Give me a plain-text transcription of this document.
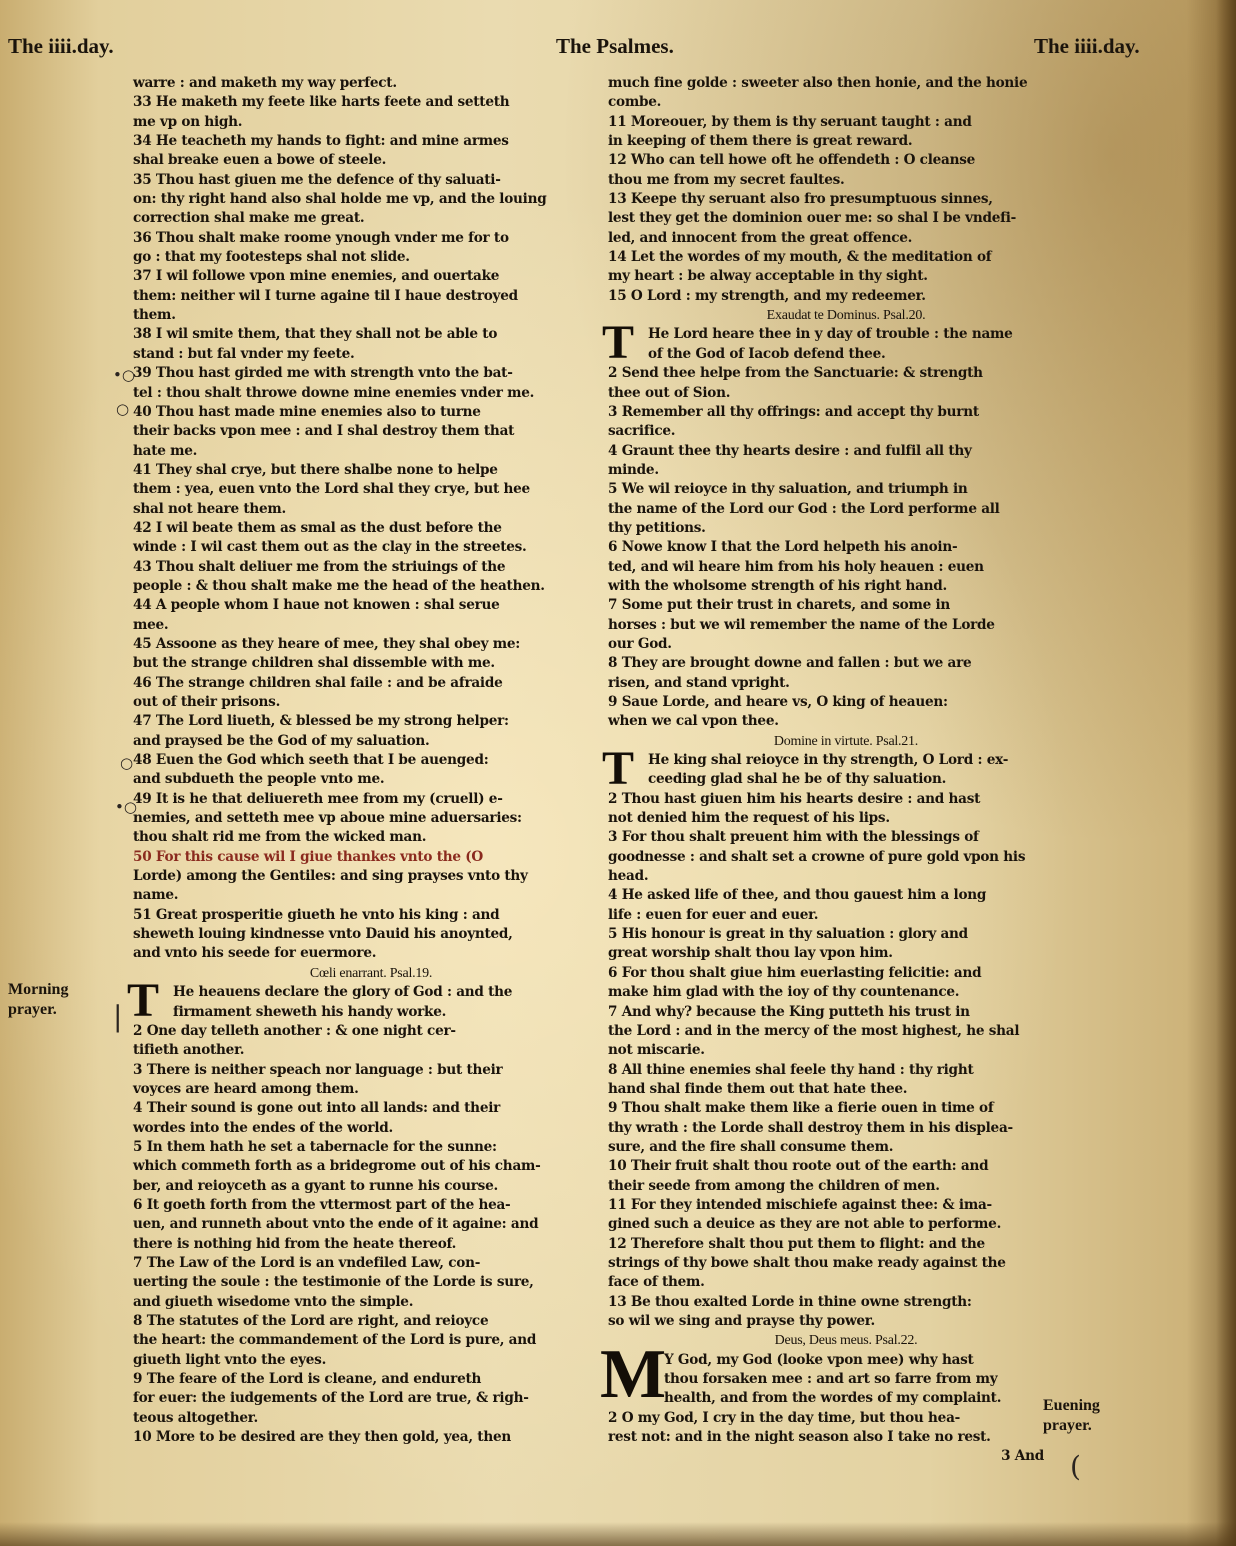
The iiii.day.	The Psalmes.	The iiii.day.
Morning
prayer.
Euening
prayer.
•○
○
○
•○
|
(
warre : and maketh my way perfect.
33 He maketh my feete like harts feete and setteth
me vp on high.
34 He teacheth my hands to fight: and mine armes
shal breake euen a bowe of steele.
35 Thou hast giuen me the defence of thy saluati-
on: thy right hand also shal holde me vp, and the louing
correction shal make me great.
36 Thou shalt make roome ynough vnder me for to
go : that my footesteps shal not slide.
37 I wil followe vpon mine enemies, and ouertake
them: neither wil I turne againe til I haue destroyed
them.
38 I wil smite them, that they shall not be able to
stand : but fal vnder my feete.
39 Thou hast girded me with strength vnto the bat-
tel : thou shalt throwe downe mine enemies vnder me.
40 Thou hast made mine enemies also to turne
their backs vpon mee : and I shal destroy them that
hate me.
41 They shal crye, but there shalbe none to helpe
them : yea, euen vnto the Lord shal they crye, but hee
shal not heare them.
42 I wil beate them as smal as the dust before the
winde : I wil cast them out as the clay in the streetes.
43 Thou shalt deliuer me from the striuings of the
people : & thou shalt make me the head of the heathen.
44 A people whom I haue not knowen : shal serue
mee.
45 Assoone as they heare of mee, they shal obey me:
but the strange children shal dissemble with me.
46 The strange children shal faile : and be afraide
out of their prisons.
47 The Lord liueth, & blessed be my strong helper:
and praysed be the God of my saluation.
48 Euen the God which seeth that I be auenged:
and subdueth the people vnto me.
49 It is he that deliuereth mee from my (cruell) e-
nemies, and setteth mee vp aboue mine aduersaries:
thou shalt rid me from the wicked man.
50 For this cause wil I giue thankes vnto the (O
Lorde) among the Gentiles: and sing prayses vnto thy
name.
51 Great prosperitie giueth he vnto his king : and
sheweth louing kindnesse vnto Dauid his anoynted,
and vnto his seede for euermore.
Cœli enarrant. Psal.19.
T He heauens declare the glory of God : and the
firmament sheweth his handy worke.
2 One day telleth another : & one night cer-
tifieth another.
3 There is neither speach nor language : but their
voyces are heard among them.
4 Their sound is gone out into all lands: and their
wordes into the endes of the world.
5 In them hath he set a tabernacle for the sunne:
which commeth forth as a bridegrome out of his cham-
ber, and reioyceth as a gyant to runne his course.
6 It goeth forth from the vttermost part of the hea-
uen, and runneth about vnto the ende of it againe: and
there is nothing hid from the heate thereof.
7 The Law of the Lord is an vndefiled Law, con-
uerting the soule : the testimonie of the Lorde is sure,
and giueth wisedome vnto the simple.
8 The statutes of the Lord are right, and reioyce
the heart: the commandement of the Lord is pure, and
giueth light vnto the eyes.
9 The feare of the Lord is cleane, and endureth
for euer: the iudgements of the Lord are true, & righ-
teous altogether.
10 More to be desired are they then gold, yea, then
much fine golde : sweeter also then honie, and the honie
combe.
11 Moreouer, by them is thy seruant taught : and
in keeping of them there is great reward.
12 Who can tell howe oft he offendeth : O cleanse
thou me from my secret faultes.
13 Keepe thy seruant also fro presumptuous sinnes,
lest they get the dominion ouer me: so shal I be vndefi-
led, and innocent from the great offence.
14 Let the wordes of my mouth, & the meditation of
my heart : be alway acceptable in thy sight.
15 O Lord : my strength, and my redeemer.
Exaudat te Dominus. Psal.20.
T He Lord heare thee in y day of trouble : the name
of the God of Iacob defend thee.
2 Send thee helpe from the Sanctuarie: & strength
thee out of Sion.
3 Remember all thy offrings: and accept thy burnt
sacrifice.
4 Graunt thee thy hearts desire : and fulfil all thy
minde.
5 We wil reioyce in thy saluation, and triumph in
the name of the Lord our God : the Lord performe all
thy petitions.
6 Nowe know I that the Lord helpeth his anoin-
ted, and wil heare him from his holy heauen : euen
with the wholsome strength of his right hand.
7 Some put their trust in charets, and some in
horses : but we wil remember the name of the Lorde
our God.
8 They are brought downe and fallen : but we are
risen, and stand vpright.
9 Saue Lorde, and heare vs, O king of heauen:
when we cal vpon thee.
Domine in virtute. Psal.21.
T He king shal reioyce in thy strength, O Lord : ex-
ceeding glad shal he be of thy saluation.
2 Thou hast giuen him his hearts desire : and hast
not denied him the request of his lips.
3 For thou shalt preuent him with the blessings of
goodnesse : and shalt set a crowne of pure gold vpon his
head.
4 He asked life of thee, and thou gauest him a long
life : euen for euer and euer.
5 His honour is great in thy saluation : glory and
great worship shalt thou lay vpon him.
6 For thou shalt giue him euerlasting felicitie: and
make him glad with the ioy of thy countenance.
7 And why? because the King putteth his trust in
the Lord : and in the mercy of the most highest, he shal
not miscarie.
8 All thine enemies shal feele thy hand : thy right
hand shal finde them out that hate thee.
9 Thou shalt make them like a fierie ouen in time of
thy wrath : the Lorde shall destroy them in his displea-
sure, and the fire shall consume them.
10 Their fruit shalt thou roote out of the earth: and
their seede from among the children of men.
11 For they intended mischiefe against thee: & ima-
gined such a deuice as they are not able to performe.
12 Therefore shalt thou put them to flight: and the
strings of thy bowe shalt thou make ready against the
face of them.
13 Be thou exalted Lorde in thine owne strength:
so wil we sing and prayse thy power.
Deus, Deus meus. Psal.22.
M
Y God, my God (looke vpon mee) why hast
thou forsaken mee : and art so farre from my
health, and from the wordes of my complaint.
2 O my God, I cry in the day time, but thou hea-
rest not: and in the night season also I take no rest.
3 And
